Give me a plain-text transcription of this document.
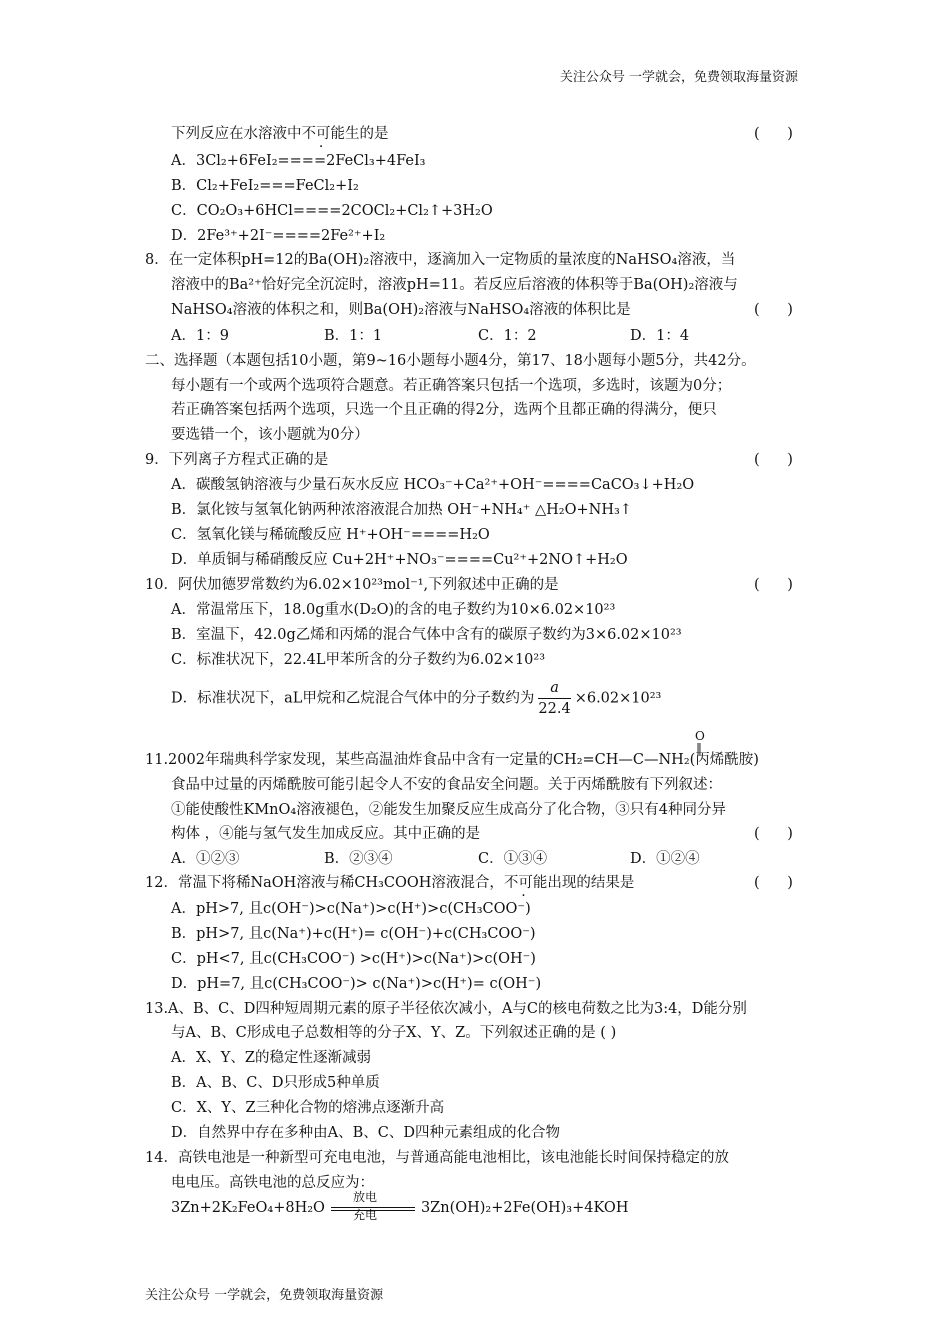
关注公众号 一学就会，免费领取海量资源
下列反应在水溶液中不可能生的是	(      )
A．3Cl₂+6FeI₂====2FeCl₃+4FeI₃
B．Cl₂+FeI₂===FeCl₂+I₂
C．CO₂O₃+6HCl====2COCl₂+Cl₂↑+3H₂O
D．2Fe³⁺+2I⁻====2Fe²⁺+I₂
8．在一定体积pH=12的Ba(OH)₂溶液中，逐滴加入一定物质的量浓度的NaHSO₄溶液，当
溶液中的Ba²⁺恰好完全沉淀时，溶液pH=11。若反应后溶液的体积等于Ba(OH)₂溶液与
NaHSO₄溶液的体积之和，则Ba(OH)₂溶液与NaHSO₄溶液的体积比是	(      )
A．1：9	B．1：1	C．1：2	D．1：4
二、选择题（本题包括10小题，第9~16小题每小题4分，第17、18小题每小题5分，共42分。
每小题有一个或两个选项符合题意。若正确答案只包括一个选项，多选时，该题为0分；
若正确答案包括两个选项，只选一个且正确的得2分，选两个且都正确的得满分，便只
要选错一个，该小题就为0分）
9．下列离子方程式正确的是	(      )
A．碳酸氢钠溶液与少量石灰水反应 HCO₃⁻+Ca²⁺+OH⁻====CaCO₃↓+H₂O
B．氯化铵与氢氧化钠两种浓溶液混合加热 OH⁻+NH₄⁺ △H₂O+NH₃↑
C．氢氧化镁与稀硫酸反应 H⁺+OH⁻====H₂O
D．单质铜与稀硝酸反应 Cu+2H⁺+NO₃⁻====Cu²⁺+2NO↑+H₂O
10．阿伏加德罗常数约为6.02×10²³mol⁻¹,下列叙述中正确的是	(      )
A．常温常压下，18.0g重水(D₂O)的含的电子数约为10×6.02×10²³
B．室温下，42.0g乙烯和丙烯的混合气体中含有的碳原子数约为3×6.02×10²³
C．标准状况下，22.4L甲苯所含的分子数约为6.02×10²³
D．标准状况下，aL甲烷和乙烷混合气体中的分子数约为 $\frac{a}{22.4} \times 6.02\times 10^{23}$
O
‖
11.2002年瑞典科学家发现，某些高温油炸食品中含有一定量的CH₂=CH—C—NH₂(丙烯酰胺)
食品中过量的丙烯酰胺可能引起令人不安的食品安全问题。关于丙烯酰胺有下列叙述：
①能使酸性KMnO₄溶液褪色，②能发生加聚反应生成高分了化合物，③只有4种同分异
构体 ，④能与氢气发生加成反应。其中正确的是	(      )
A．①②③	B．②③④	C．①③④	D．①②④
12．常温下将稀NaOH溶液与稀CH₃COOH溶液混合，不可能出现的结果是	(      )
A．pH>7, 且c(OH⁻)>c(Na⁺)>c(H⁺)>c(CH₃COO⁻)
B．pH>7, 且c(Na⁺)+c(H⁺)= c(OH⁻)+c(CH₃COO⁻)
C．pH<7, 且c(CH₃COO⁻) >c(H⁺)>c(Na⁺)>c(OH⁻)
D．pH=7, 且c(CH₃COO⁻)> c(Na⁺)>c(H⁺)= c(OH⁻)
13.A、B、C、D四种短周期元素的原子半径依次减小，A与C的核电荷数之比为3:4，D能分别
与A、B、C形成电子总数相等的分子X、Y、Z。下列叙述正确的是 ( )
A．X、Y、Z的稳定性逐渐减弱
B．A、B、C、D只形成5种单质
C．X、Y、Z三种化合物的熔沸点逐渐升高
D．自然界中存在多种由A、B、C、D四种元素组成的化合物
14．高铁电池是一种新型可充电电池，与普通高能电池相比，该电池能长时间保持稳定的放
电电压。高铁电池的总反应为：
3Zn+2K₂FeO₄+8H₂O
放电
充电	3Zn(OH)₂+2Fe(OH)₃+4KOH
关注公众号 一学就会，免费领取海量资源
